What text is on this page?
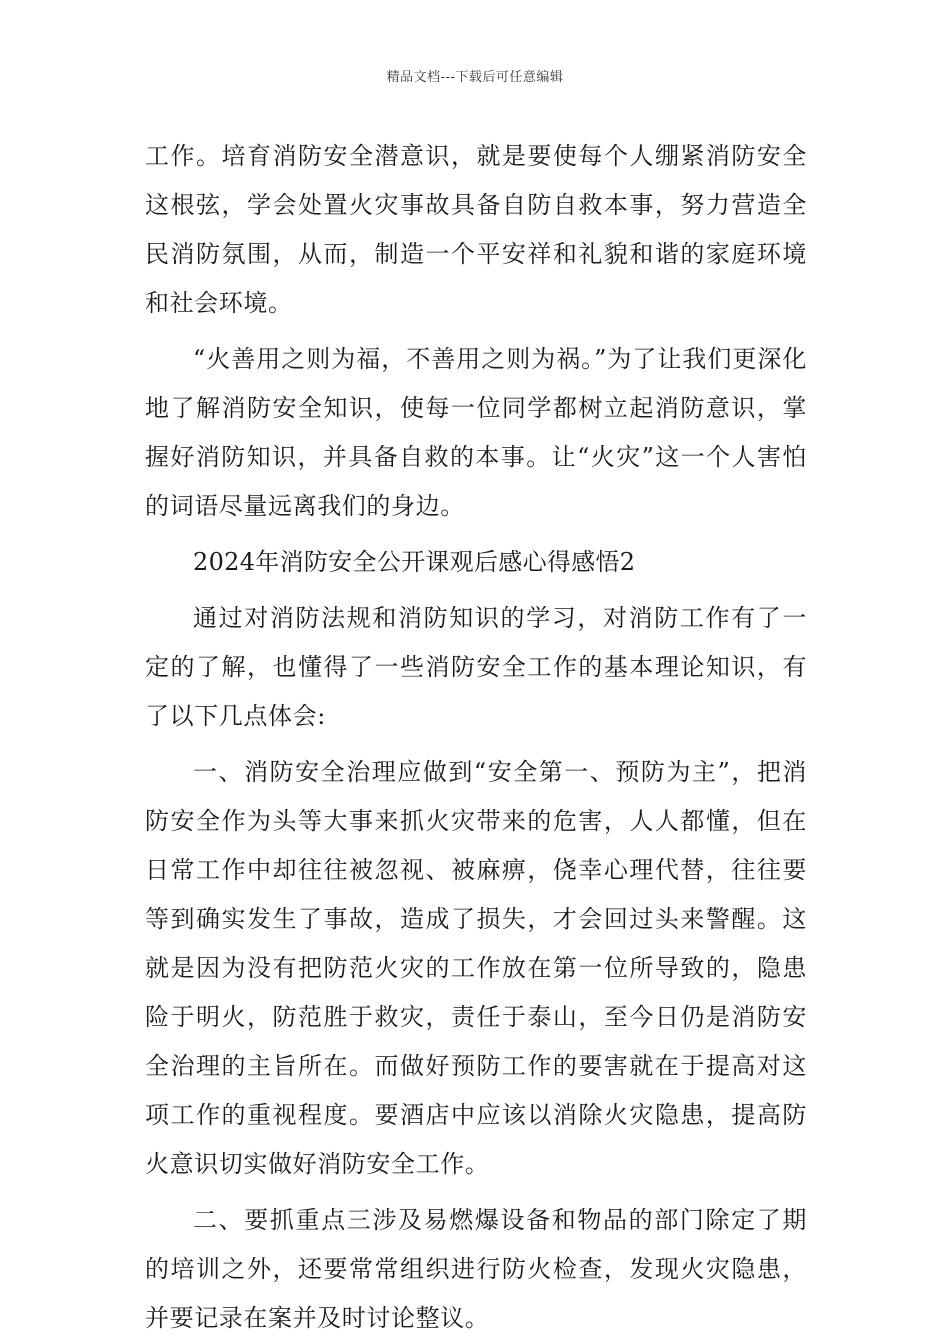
精品文档---下载后可任意编辑

工作。培育消防安全潜意识，就是要使每个人绷紧消防安全这根弦，学会处置火灾事故具备自防自救本事，努力营造全民消防氛围，从而，制造一个平安祥和礼貌和谐的家庭环境和社会环境。

“火善用之则为福，不善用之则为祸。”为了让我们更深化地了解消防安全知识，使每一位同学都树立起消防意识，掌握好消防知识，并具备自救的本事。让“火灾”这一个人害怕的词语尽量远离我们的身边。

2024年消防安全公开课观后感心得感悟2

通过对消防法规和消防知识的学习，对消防工作有了一定的了解，也懂得了一些消防安全工作的基本理论知识，有了以下几点体会:

一、消防安全治理应做到“安全第一、预防为主”，把消防安全作为头等大事来抓火灾带来的危害，人人都懂，但在日常工作中却往往被忽视、被麻痹，侥幸心理代替，往往要等到确实发生了事故，造成了损失，才会回过头来警醒。这就是因为没有把防范火灾的工作放在第一位所导致的，隐患险于明火，防范胜于救灾，责任于泰山，至今日仍是消防安全治理的主旨所在。而做好预防工作的要害就在于提高对这项工作的重视程度。要酒店中应该以消除火灾隐患，提高防火意识切实做好消防安全工作。

二、要抓重点三涉及易燃爆设备和物品的部门除定了期的培训之外，还要常常组织进行防火检查，发现火灾隐患，并要记录在案并及时讨论整议。
